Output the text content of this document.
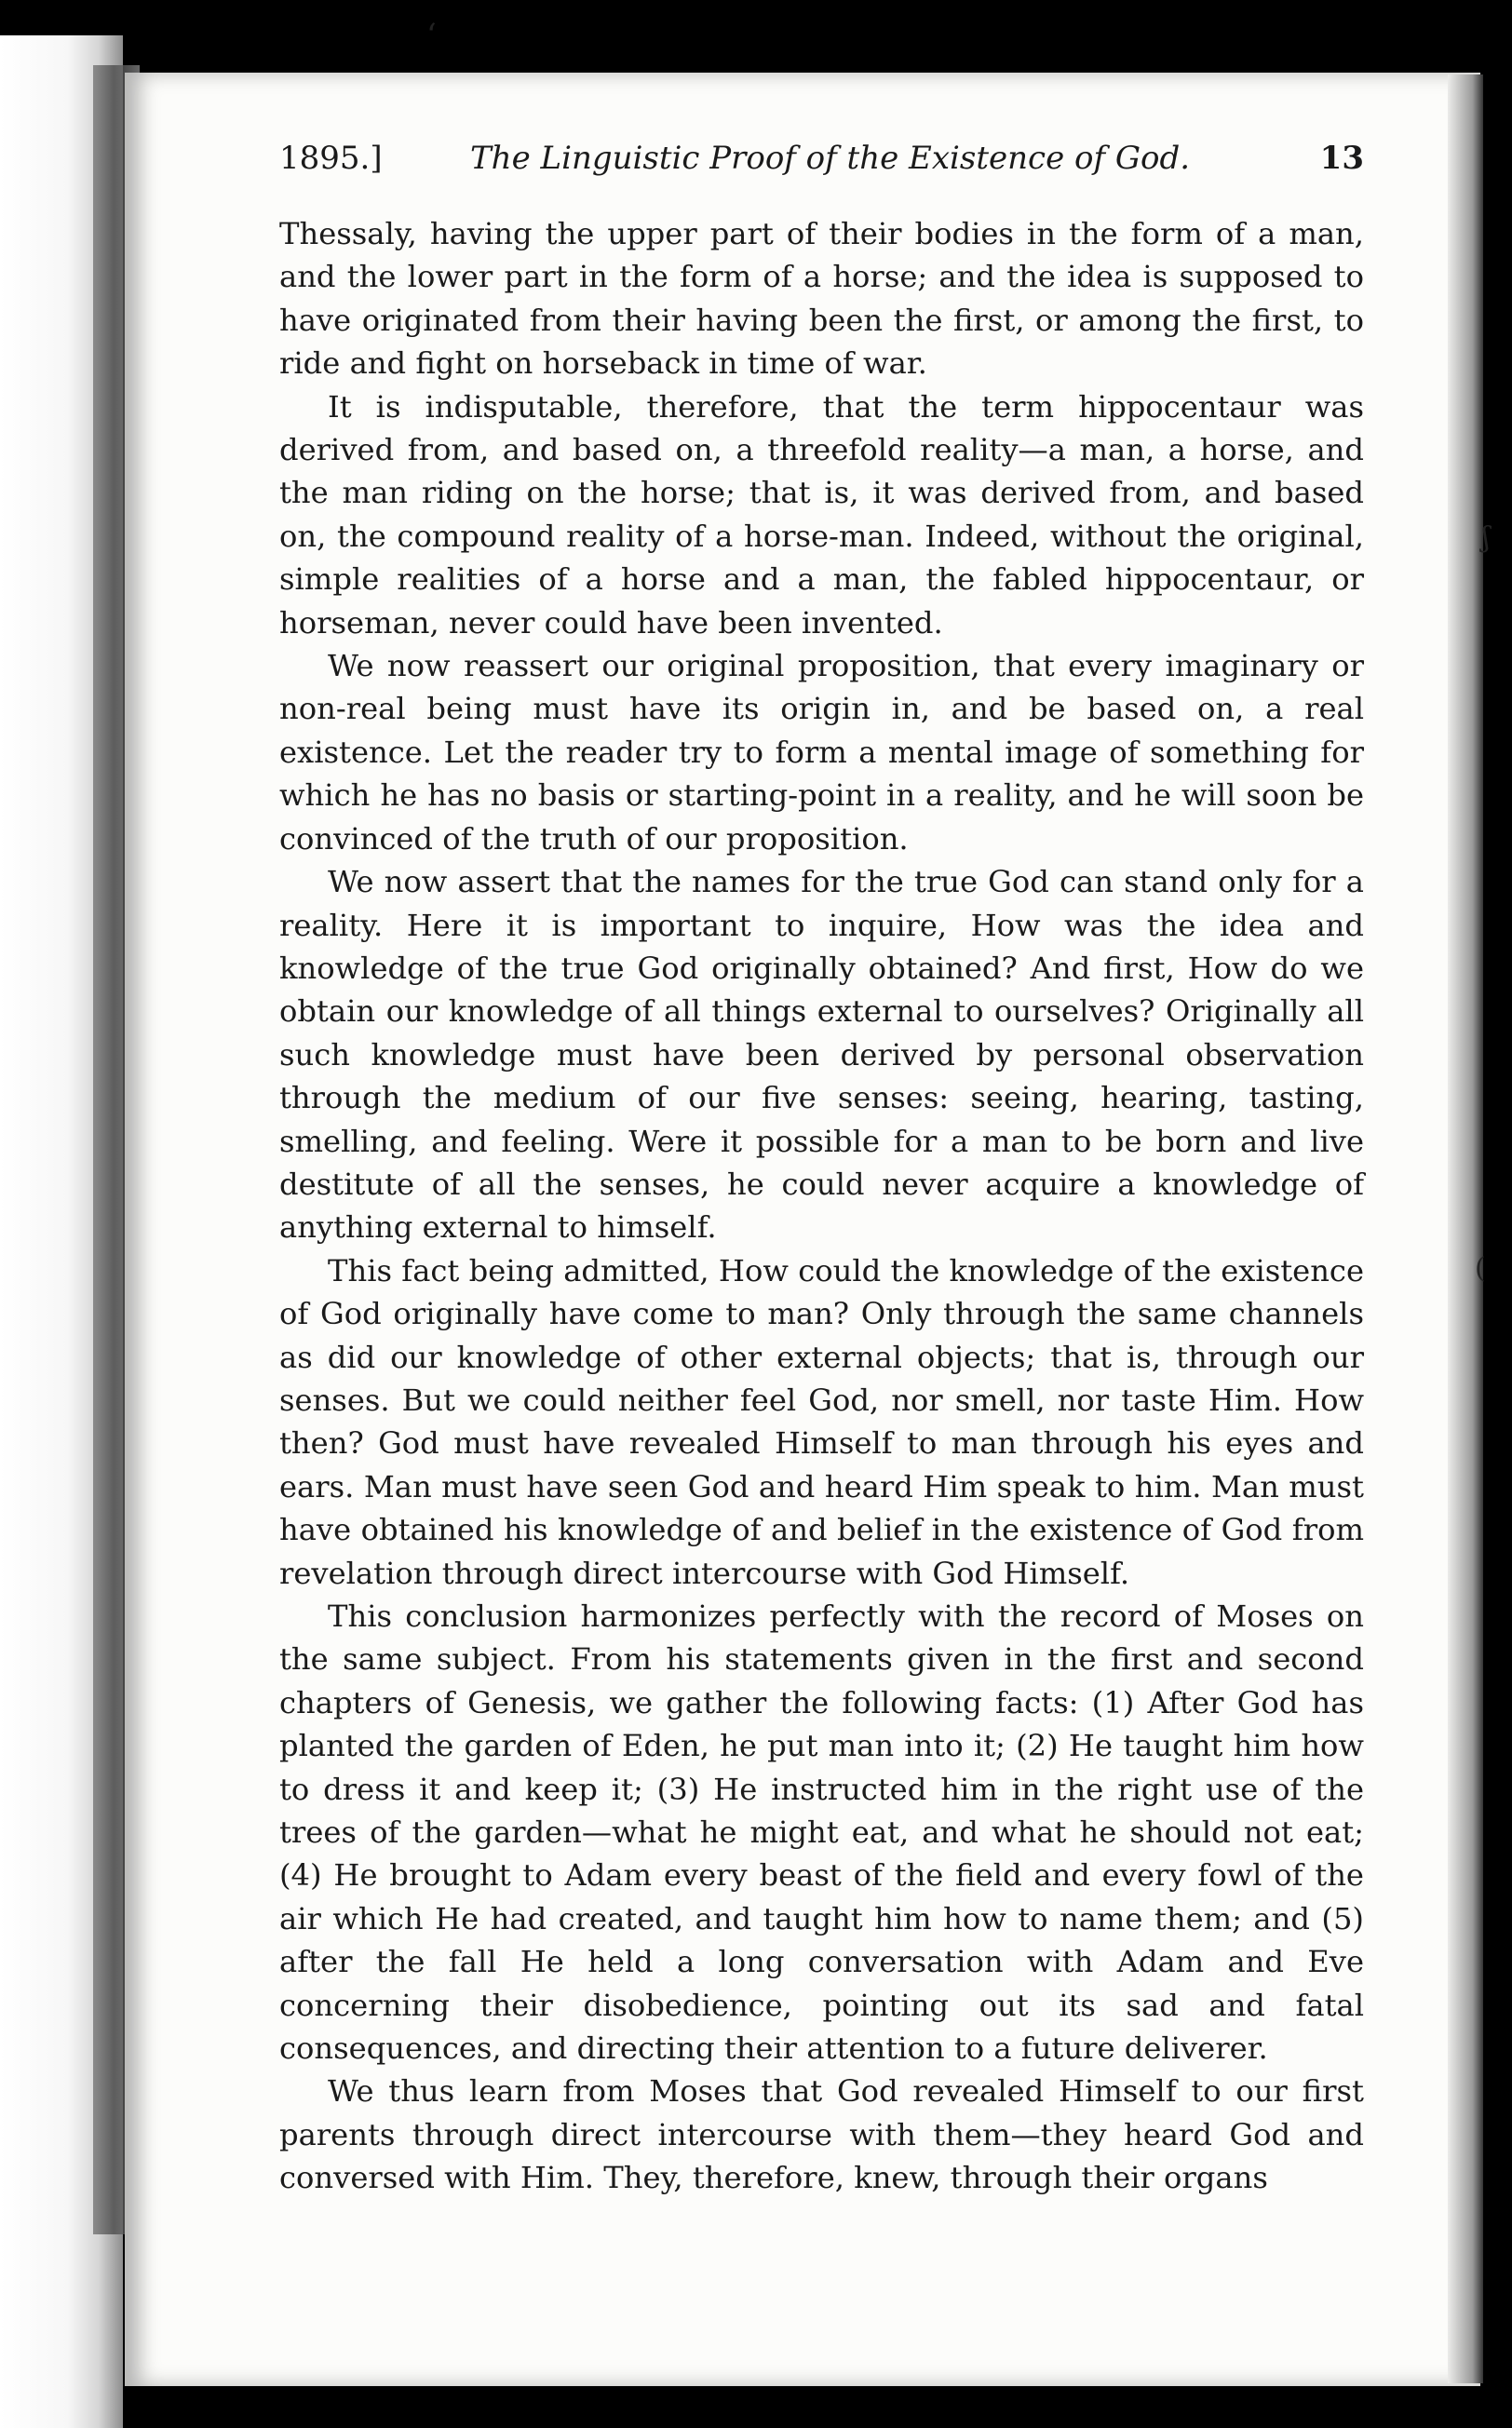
1895.]	The Linguistic Proof of the Existence of God.	13

Thessaly, having the upper part of their bodies in the form of a man, and the lower part in the form of a horse; and the idea is supposed to have originated from their having been the first, or among the first, to ride and fight on horseback in time of war.

It is indisputable, therefore, that the term hippocentaur was derived from, and based on, a threefold reality—a man, a horse, and the man riding on the horse; that is, it was derived from, and based on, the compound reality of a horse-man. Indeed, without the original, simple realities of a horse and a man, the fabled hippocentaur, or horseman, never could have been invented.

We now reassert our original proposition, that every imaginary or non-real being must have its origin in, and be based on, a real existence. Let the reader try to form a mental image of something for which he has no basis or starting-point in a reality, and he will soon be convinced of the truth of our proposition.

We now assert that the names for the true God can stand only for a reality. Here it is important to inquire, How was the idea and knowledge of the true God originally obtained? And first, How do we obtain our knowledge of all things external to ourselves? Originally all such knowledge must have been derived by personal observation through the medium of our five senses: seeing, hearing, tasting, smelling, and feeling. Were it possible for a man to be born and live destitute of all the senses, he could never acquire a knowledge of anything external to himself.

This fact being admitted, How could the knowledge of the existence of God originally have come to man? Only through the same channels as did our knowledge of other external objects; that is, through our senses. But we could neither feel God, nor smell, nor taste Him. How then? God must have revealed Himself to man through his eyes and ears. Man must have seen God and heard Him speak to him. Man must have obtained his knowledge of and belief in the existence of God from revelation through direct intercourse with God Himself.

This conclusion harmonizes perfectly with the record of Moses on the same subject. From his statements given in the first and second chapters of Genesis, we gather the following facts: (1) After God has planted the garden of Eden, he put man into it; (2) He taught him how to dress it and keep it; (3) He instructed him in the right use of the trees of the garden—what he might eat, and what he should not eat; (4) He brought to Adam every beast of the field and every fowl of the air which He had created, and taught him how to name them; and (5) after the fall He held a long conversation with Adam and Eve concerning their disobedience, pointing out its sad and fatal consequences, and directing their attention to a future deliverer.

We thus learn from Moses that God revealed Himself to our first parents through direct intercourse with them—they heard God and conversed with Him. They, therefore, knew, through their organs

‘
ʃ
(
